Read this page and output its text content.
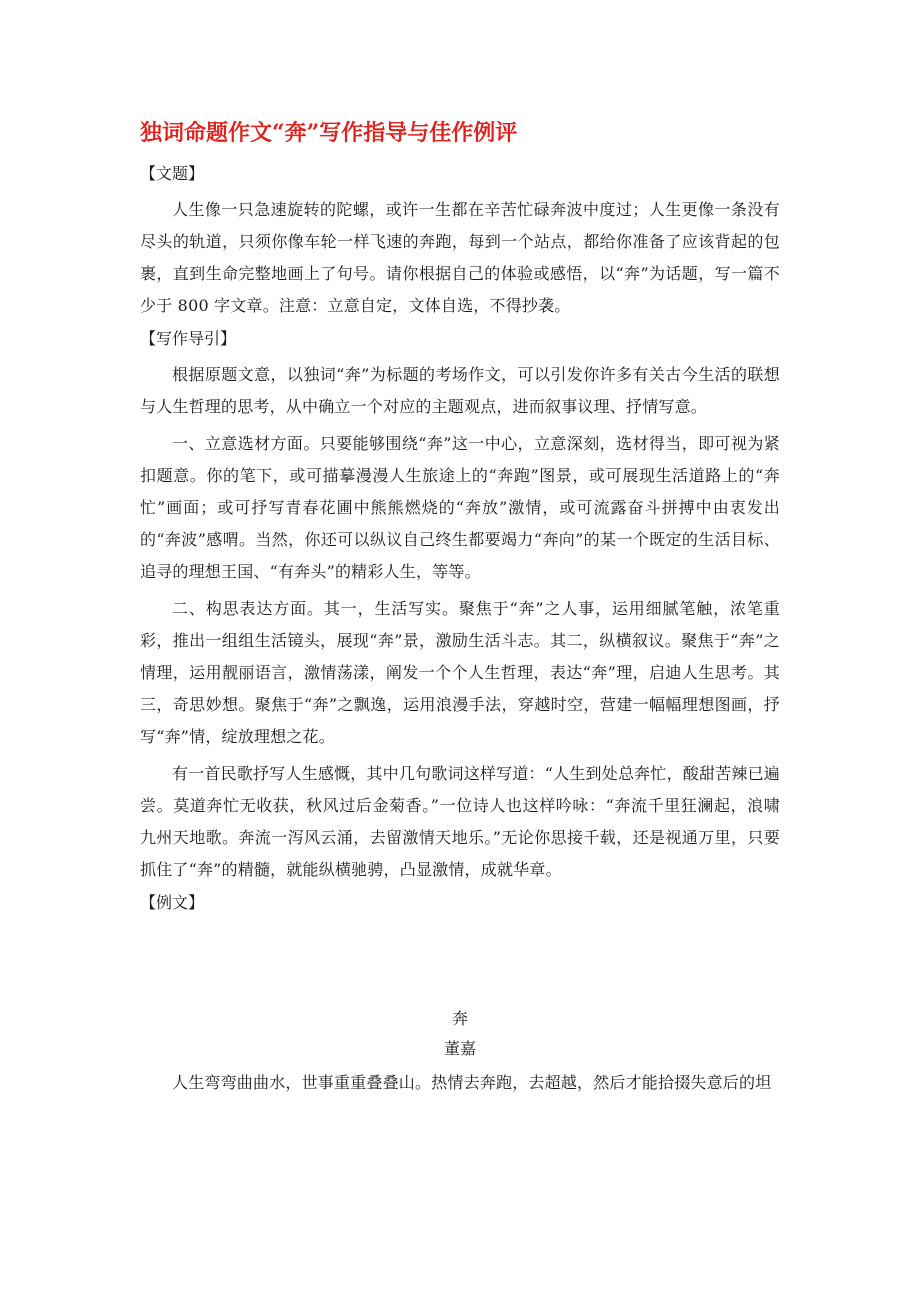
独词命题作文“奔”写作指导与佳作例评
【文题】

人生像一只急速旋转的陀螺，或许一生都在辛苦忙碌奔波中度过；人生更像一条没有尽头的轨道，只须你像车轮一样飞速的奔跑，每到一个站点，都给你准备了应该背起的包裹，直到生命完整地画上了句号。请你根据自己的体验或感悟，以“奔”为话题，写一篇不少于 800 字文章。注意：立意自定，文体自选，不得抄袭。

【写作导引】

根据原题文意，以独词“奔”为标题的考场作文，可以引发你许多有关古今生活的联想与人生哲理的思考，从中确立一个对应的主题观点，进而叙事议理、抒情写意。

一、立意选材方面。只要能够围绕“奔”这一中心，立意深刻，选材得当，即可视为紧扣题意。你的笔下，或可描摹漫漫人生旅途上的“奔跑”图景，或可展现生活道路上的“奔忙”画面；或可抒写青春花圃中熊熊燃烧的“奔放”激情，或可流露奋斗拼搏中由衷发出的“奔波”感喟。当然，你还可以纵议自己终生都要竭力“奔向”的某一个既定的生活目标、追寻的理想王国、“有奔头”的精彩人生，等等。

二、构思表达方面。其一，生活写实。聚焦于“奔”之人事，运用细腻笔触，浓笔重彩，推出一组组生活镜头，展现“奔”景，激励生活斗志。其二，纵横叙议。聚焦于“奔”之情理，运用靓丽语言，激情荡漾，阐发一个个人生哲理，表达“奔”理，启迪人生思考。其三，奇思妙想。聚焦于“奔”之飘逸，运用浪漫手法，穿越时空，营建一幅幅理想图画，抒写“奔”情，绽放理想之花。

有一首民歌抒写人生感慨，其中几句歌词这样写道：“人生到处总奔忙，酸甜苦辣已遍尝。莫道奔忙无收获，秋风过后金菊香。”一位诗人也这样吟咏：“奔流千里狂澜起，浪啸九州天地歌。奔流一泻风云涌，去留激情天地乐。”无论你思接千载，还是视通万里，只要抓住了“奔”的精髓，就能纵横驰骋，凸显激情，成就华章。

【例文】
奔
董嘉

人生弯弯曲曲水，世事重重叠叠山。热情去奔跑，去超越，然后才能拾掇失意后的坦
